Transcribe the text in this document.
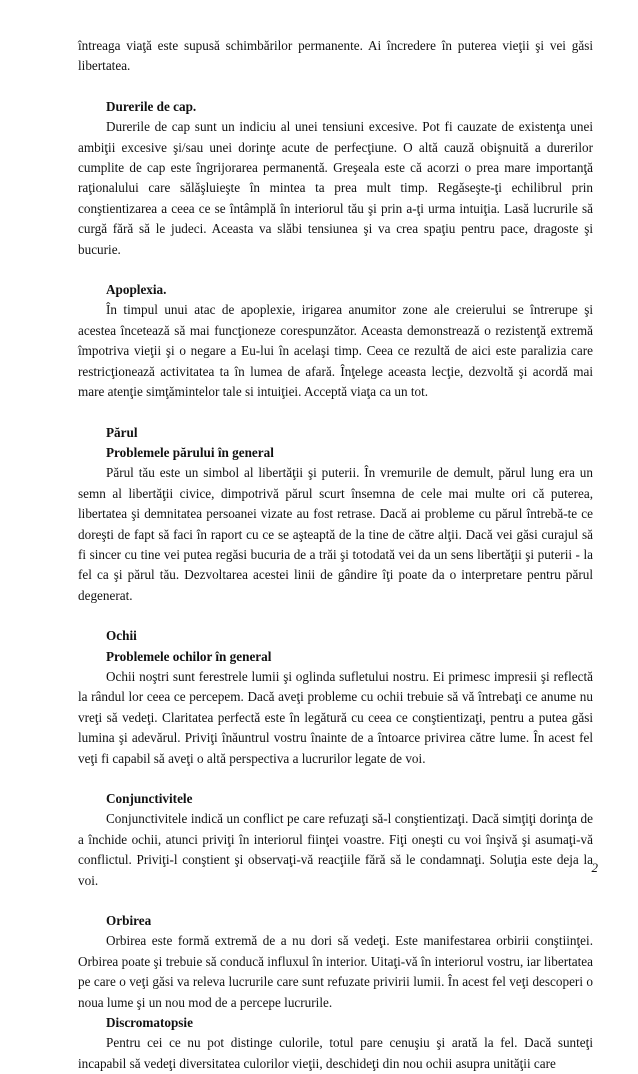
întreaga viaţă este supusă schimbărilor permanente. Ai încredere în puterea vieţii şi vei găsi libertatea.

Durerile de cap.

Durerile de cap sunt un indiciu al unei tensiuni excesive. Pot fi cauzate de existenţa unei ambiţii excesive şi/sau unei dorinţe acute de perfecţiune. O altă cauză obişnuită a durerilor cumplite de cap este îngrijorarea permanentă. Greşeala este că acorzi o prea mare importanţă raţionalului care sălăşluieşte în mintea ta prea mult timp. Regăseşte-ţi echilibrul prin conştientizarea a ceea ce se întâmplă în interiorul tău şi prin a-ţi urma intuiţia. Lasă lucrurile să curgă fără să le judeci. Aceasta va slăbi tensiunea şi va crea spaţiu pentru pace, dragoste şi bucurie.

Apoplexia.

În timpul unui atac de apoplexie, irigarea anumitor zone ale creierului se întrerupe şi acestea încetează să mai funcţioneze corespunzător. Aceasta demonstrează o rezistenţă extremă împotriva vieţii şi o negare a Eu-lui în acelaşi timp. Ceea ce rezultă de aici este paralizia care restricţionează activitatea ta în lumea de afară. Înţelege aceasta lecţie, dezvoltă şi acordă mai mare atenţie simţămintelor tale si intuiţiei. Acceptă viaţa ca un tot.

Părul

Problemele părului în general

Părul tău este un simbol al libertăţii şi puterii. În vremurile de demult, părul lung era un semn al libertăţii civice, dimpotrivă părul scurt însemna de cele mai multe ori că puterea, libertatea şi demnitatea persoanei vizate au fost retrase. Dacă ai probleme cu părul întrebă-te ce doreşti de fapt să faci în raport cu ce se aşteaptă de la tine de către alţii. Dacă vei găsi curajul să fi sincer cu tine vei putea regăsi bucuria de a trăi şi totodată vei da un sens libertăţii şi puterii - la fel ca şi părul tău. Dezvoltarea acestei linii de gândire îţi poate da o interpretare pentru părul degenerat.

Ochii

Problemele ochilor în general

Ochii noştri sunt ferestrele lumii şi oglinda sufletului nostru. Ei primesc impresii şi reflectă la rândul lor ceea ce percepem. Dacă aveţi probleme cu ochii trebuie să vă întrebaţi ce anume nu vreţi să vedeţi. Claritatea perfectă este în legătură cu ceea ce conştientizaţi, pentru a putea găsi lumina şi adevărul. Priviţi înăuntrul vostru înainte de a întoarce privirea către lume. În acest fel veţi fi capabil să aveţi o altă perspectiva a lucrurilor legate de voi.

Conjunctivitele

Conjunctivitele indică un conflict pe care refuzaţi să-l conştientizaţi. Dacă simţiţi dorinţa de a închide ochii, atunci priviţi în interiorul fiinţei voastre. Fiţi oneşti cu voi înşivă şi asumaţi-vă conflictul. Priviţi-l conştient şi observaţi-vă reacţiile fără să le condamnaţi. Soluţia este deja la voi.

Orbirea

Orbirea este formă extremă de a nu dori să vedeţi. Este manifestarea orbirii conştiinţei. Orbirea poate şi trebuie să conducă influxul în interior. Uitaţi-vă în interiorul vostru, iar libertatea pe care o veţi găsi va releva lucrurile care sunt refuzate privirii lumii. În acest fel veţi descoperi o noua lume şi un nou mod de a percepe lucrurile.

Discromatopsie

Pentru cei ce nu pot distinge culorile, totul pare cenuşiu şi arată la fel. Dacă sunteţi incapabil să vedeţi diversitatea culorilor vieţii, deschideţi din nou ochii asupra unităţii care

2
